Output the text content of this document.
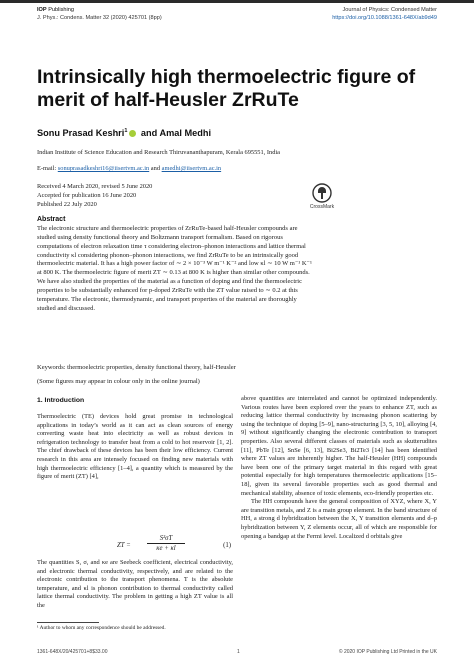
IOP Publishing	Journal of Physics: Condensed Matter
J. Phys.: Condens. Matter 32 (2020) 425701 (8pp)	https://doi.org/10.1088/1361-648X/ab9d49
Intrinsically high thermoelectric figure of merit of half-Heusler ZrRuTe
Sonu Prasad Keshri$^1$ and Amal Medhi
Indian Institute of Science Education and Research Thiruvananthapuram, Kerala 695551, India
E-mail: sonuprasadkeshri16@iisertvm.ac.in and amedhi@iisertvm.ac.in
Received 4 March 2020, revised 5 June 2020
Accepted for publication 16 June 2020
Published 22 July 2020	CrossMark
Abstract

The electronic structure and thermoelectric properties of ZrRuTe-based half-Heusler compounds are studied using density functional theory and Boltzmann transport formalism. Based on rigorous computations of electron relaxation time τ considering electron–phonon interactions and lattice thermal conductivity κl considering phonon–phonon interactions, we find ZrRuTe to be an intrinsically good thermoelectric material. It has a high power factor of ∼ 2 × 10⁻³ W m⁻¹ K⁻² and low κl ∼ 10 W m⁻¹ K⁻¹ at 800 K. The thermoelectric figure of merit ZT ∼ 0.13 at 800 K is higher than similar other compounds. We have also studied the properties of the material as a function of doping and find the thermoelectric properties to be substantially enhanced for p-doped ZrRuTe with the ZT value raised to ∼ 0.2 at this temperature. The electronic, thermodynamic, and transport properties of the material are thoroughly studied and discussed.

Keywords: thermoelectric properties, density functional theory, half-Heusler
(Some figures may appear in colour only in the online journal)
1. Introduction

Thermoelectric (TE) devices hold great promise in technological applications in today’s world as it can act as clean sources of energy converting waste heat into electricity as well as robust devices in refrigeration technology to transfer heat from a cold to hot reservoir [1, 2]. The chief drawback of these devices has been their low efficiency. Current research in this area are intensely focused on finding new materials with high thermoelectric efficiency [1–4], a quantity which is measured by the figure of merit (ZT) [4],

ZT = $\frac{\text{S²σT}}{\kappa e + \kappa l}$	(1)

The quantities S, σ, and κe are Seebeck coefficient, electrical conductivity, and electronic thermal conductivity, respectively, and are related to the electronic contribution to the transport phenomena. T is the absolute temperature, and κl is phonon contribution to thermal conductivity called lattice thermal conductivity. The problem in getting a high ZT value is all the

¹ Author to whom any correspondence should be addressed.

above quantities are interrelated and cannot be optimized independently. Various routes have been explored over the years to enhance ZT, such as reducing lattice thermal conductivity by increasing phonon scattering by using the technique of doping [5–9], nano-structuring [3, 5, 10], alloying [4, 9] without significantly changing the electronic contribution to transport properties. Also several different classes of materials such as skutterudites [11], PbTe [12], SnSe [6, 13], Bi2Se3, Bi2Te3 [14] has been identified where ZT values are inherently higher. The half-Heusler (HH) compounds have been one of the primary target material in this regard with great potential especially for high temperatures thermoelectric applications [15–18], given its several favorable properties such as good thermal and mechanical stability, absence of toxic elements, eco-friendly properties etc.

The HH compounds have the general composition of XYZ, where X, Y are transition metals, and Z is a main group element. In the band structure of HH, a strong d hybridization between the X, Y transition elements and d–p hybridization between Y, Z elements occur, all of which are responsible for opening a bandgap at the Fermi level. Localized d orbitals give

1361-648X/20/425701+8$33.00	1	© 2020 IOP Publishing Ltd Printed in the UK
